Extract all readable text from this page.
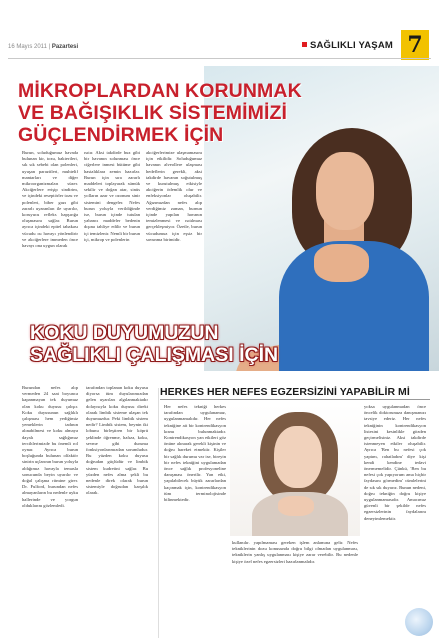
16 Mayıs 2011 | Pazartesi	SAĞLIKLI YAŞAM 7
MİKROPLARDAN KORUNMAK
VE BAĞIŞIKLIK SİSTEMİMİZİ
GÜÇLENDİRMEK İÇİN
Burun, soluduğumuz havada bulunan kir, tozu, bakterileri, sık sık sebebi olan polenleri, uyuşan parazitleri, muhtelif mantarları ve diğer mikroorganizmaları süzer. Akciğerlere erişip sindirim, ve içindeki reseptörler tozu ve polenleri, biber gazı gibi zararlı uyaranları ile uyarılır, koruyucu refleks hapşırığa oluşmasını sağlar. Burun ayrıca içindeki epitel tabakası vücudu ısı havayı yönlendirir ve akciğerlere immeden önce havayı ona uygun olarak
ısıtır. Aksi takdirde buz gibi bir havanın solunması önce ciğerlere inmesi bütüme gibi hastalıklara zemin hazırlar. Burun için sıra zararlı maddeleri toplayarak sümük sekilir ve doğan atar, sinüs yolların azar ve ozonum sinir sistemini dengeler. Nefes burun yoluyla verildiğinde ise, burun içinde tutulan yabancı maddeler bedenin dışına tahliye edilir ve burun içi temizlenir. Nemli bir burun içi, mikrop ve polenlerin
akciğerlerimize ulaşmamasını için etkilidir. Soluduğumuz havanın alveollere ulaşması hedeflerin gerekli, aksi takdirde havanın soğutulmuş ve kurutulmuş etkisiyle akciğerin ödemlik olur ve enfeksiyonlar oluşabilir. Ağızımızdan nefes alıp verdiğimiz zaman, burnun içinde yapılan havanın temizlenmesi ve ısıtılması gerçekleşmiyor. Özetle, burun vücudumuz için eşsiz bir savunma birimidir.
KOKU DUYUMUZUN
SAĞLIKLI ÇALIŞMASI İÇİN
Burundan nefes alıp vermeden 24 saat boyunca kapanmayan tek duyumuz olan koku duyusu çalışır. Koku duyusunun sağlıklı çalışması hem yediğimiz yemeklerin tadının alınabilmesi ve koku almaya dayalı sağlığımız tercihlerimizde bu önemli rol oynar. Ayrıca burun boşluğunda bulunan olfaktör sinirin uçlarının burun yoluyla aldığımız havayla temasla sonucunda beyin uyarılır ve doğal çalışma ritmine girer. Dr. Fulford, burundan nefes almayanların bu nedenle uyku hallerinde ve yorgun olduklarını gözlemledi.
tarafından toplanan koku duyusu diyorsa tüm duyularımızdan gelen uyarıları algılanmaktadır dolayısıyla koku duyusu direkt olarak limbik sisteme ulaşan tek duyumuzdur. Peki limbik sistem nedir? Limbik sistem, beynin iki lobunu birleştiren bir köprü şeklinde öğrenme, hafıza, koku, sevme gibi duruma fonksiyonlarımızdan sorumludur. Bu yüzden koku duyusu doğrudan güçlüdür ve limbik sistem kudretini sağlar. Bu yüzden nefes alma şekli bu nedenle direk olarak burun sistemiyle doğrudan karşılık olarak.
HERKES HER NEFES EGZERSİZİNİ YAPABİLİR Mİ
Her nefes tekniği herkes tarafından uygulanamaz, uygulanmamalıdır. Her nefes tekniğine ait bir kontrendikasyon kısmı bulunmaktadır. Kontrendikasyon yan etkileri göz önüne alınarak gerekli kişinin ve doğru hareket etmektir. Kişiler bir sağlık durumu var ise, bireyin bir nefes tekniğini uygulamadan önce sağlık profesyoneline danışması önerilir. Yan etki, yapılabilecek büyük zararlardan kaçınmak için, kontrendikasyon tüm terminolojisinde bilinmektedir.
kullanılır. yapılmaması gereken işlem anlamına gelir. Nefes tekniklerinin dozu konusunda doğru bilgi olmadan uygulanması, tekniklerin yanlış uygulanması kişiye zarar verebilir. Bu nedenle kişiye özel nefes egzersizleri hazırlanmalıdır.
yoksa uygulanmadan önce öncelik doktorunuza danışmanızı tavsiye ederiz. Her nefes tekniğinin kontrendikasyon listesini kesinlikle gözden geçirmelisiniz. Aksi takdirde istenmeyen etkiler oluşabilir. Ayrıca 'Ben bu nefesi çok yaptım, rahatladım' diye kişi kendi kendine tedavi önermemelidir. Çünkü, 'Ben bu nefesi çok yapıyorum ama hiçbir faydasını görmedim' cümlelerini de sık sık duyarız. Bunun nedeni, doğru tekniğin doğru kişiye uygulanmamasıdır. Amacımız güvenli bir şekilde nefes egzersizlerinin faydalarını deneyimlemektir.
